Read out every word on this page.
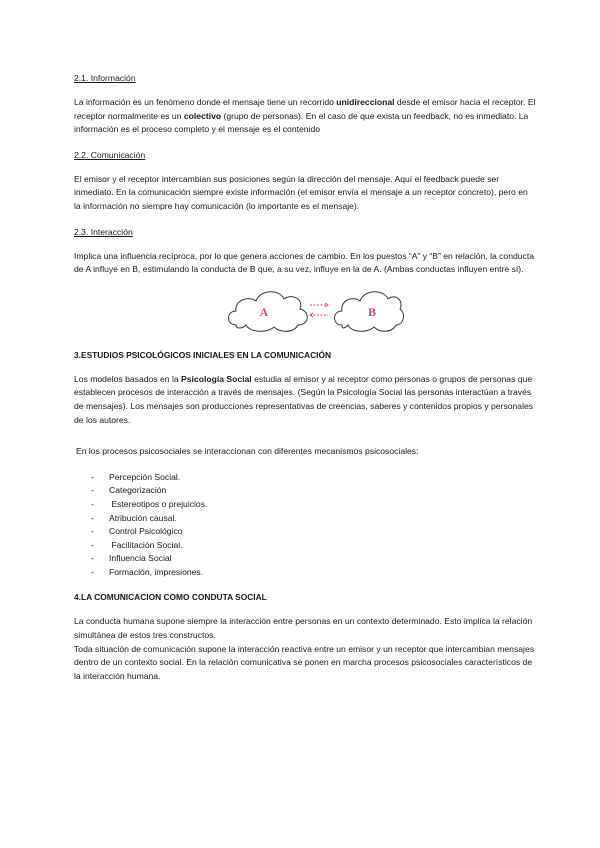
2.1. Información

La información es un fenómeno donde el mensaje tiene un recorrido unidireccional desde el emisor hacia el receptor. El receptor normalmente es un colectivo (grupo de personas). En el caso de que exista un feedback, no es inmediato. La información es el proceso completo y el mensaje es el contenido

2.2. Comunicación

El emisor y el receptor intercambian sus posiciones según la dirección del mensaje. Aquí el feedback puede ser inmediato. En la comunicación siempre existe información (el emisor envía el mensaje a un receptor concreto), pero en la información no siempre hay comunicación (lo importante es el mensaje).

2.3. Interacción

Implica una influencia recíproca, por lo que genera acciones de cambio. En los puestos “A” y “B” en relación, la conducta de A influye en B, estimulando la conducta de B que, a su vez, influye en la de A. (Ambas conductas influyen entre sí).

A	B
3.ESTUDIOS PSICOLÓGICOS INICIALES EN LA COMUNICACIÓN

Los modelos basados en la Psicología Social estudia al emisor y al receptor como personas o grupos de personas que establecen procesos de interacción a través de mensajes. (Según la Psicología Social las personas interactúan a través de mensajes). Los mensajes son producciones representativas de creencias, saberes y contenidos propios y personales de los autores.

En los procesos psicosociales se interaccionan con diferentes mecanismos psicosociales:

- Percepción Social.
- Categorización
- Estereotipos o prejuicios.
- Atribución causal.
- Control Psicológico
- Facilitación Social.
- Influencia Social
- Formación, impresiones.
4.LA COMUNICACION COMO CONDUTA SOCIAL

La conducta humana supone siempre la interacción entre personas en un contexto determinado. Esto implica la relación simultánea de estos tres constructos.

Toda situación de comunicación supone la interacción reactiva entre un emisor y un receptor que intercambian mensajes dentro de un contexto social. En la relación comunicativa se ponen en marcha procesos psicosociales característicos de la interacción humana.
